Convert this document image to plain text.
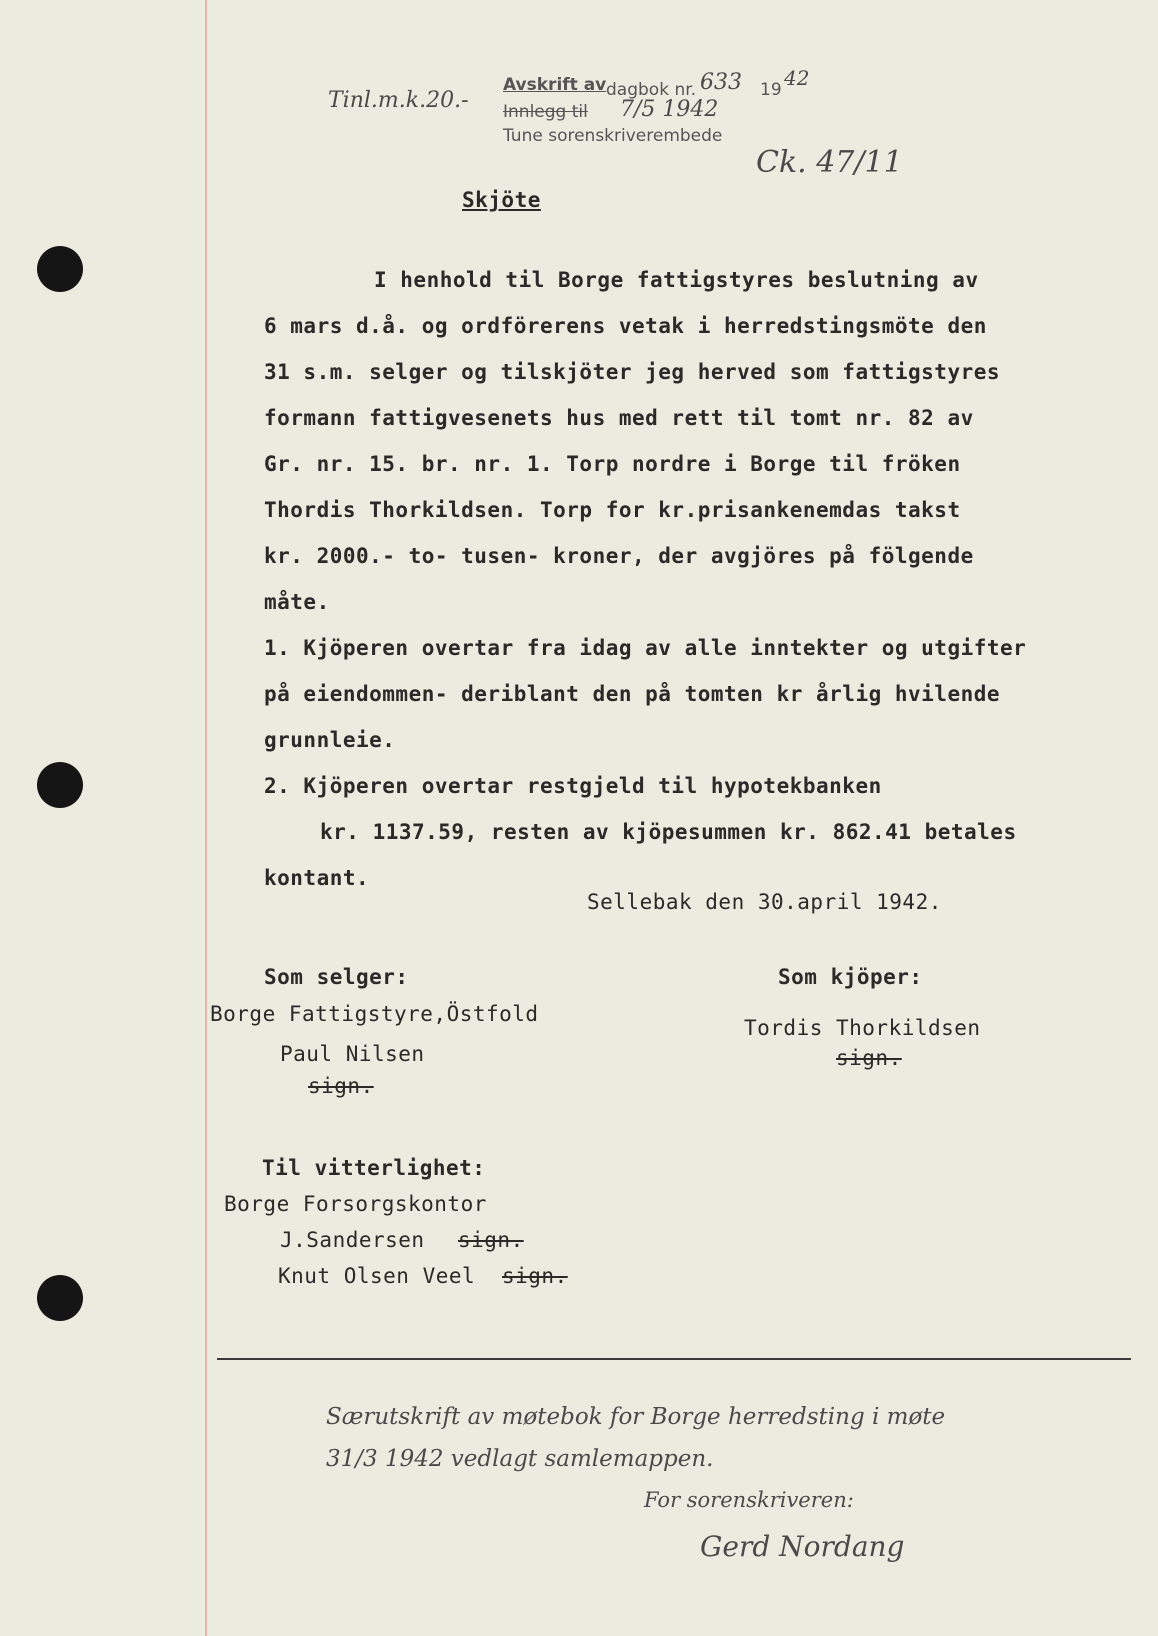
Tinl.m.k.20.-
Avskrift av dagbok nr. 633 19 42
Innlegg til 7/5 1942
Tune sorenskriverembede
Ck. 47/11
Skjöte
I henhold til Borge fattigstyres beslutning av
6 mars d.å. og ordförerens vetak i herredstingsmöte den
31 s.m. selger og tilskjöter jeg herved som fattigstyres
formann fattigvesenets hus med rett til tomt nr. 82 av
Gr. nr. 15. br. nr. 1. Torp nordre i Borge til fröken
Thordis Thorkildsen. Torp for kr.prisankenemdas takst
kr. 2000.- to- tusen- kroner, der avgjöres på fölgende
måte.
1. Kjöperen overtar fra idag av alle inntekter og utgifter
på eiendommen- deriblant den på tomten kr årlig hvilende
grunnleie.
2. Kjöperen overtar restgjeld til hypotekbanken
kr. 1137.59, resten av kjöpesummen kr. 862.41 betales
kontant.
Sellebak den 30.april 1942.
Som selger:
Borge Fattigstyre,Östfold
Paul Nilsen
sign.
Som kjöper:
Tordis Thorkildsen
sign.
Til vitterlighet:
Borge Forsorgskontor
J.Sandersen sign.
Knut Olsen Veel sign.
Særutskrift av møtebok for Borge herredsting i møte
31/3 1942 vedlagt samlemappen.
For sorenskriveren:
Gerd Nordang
